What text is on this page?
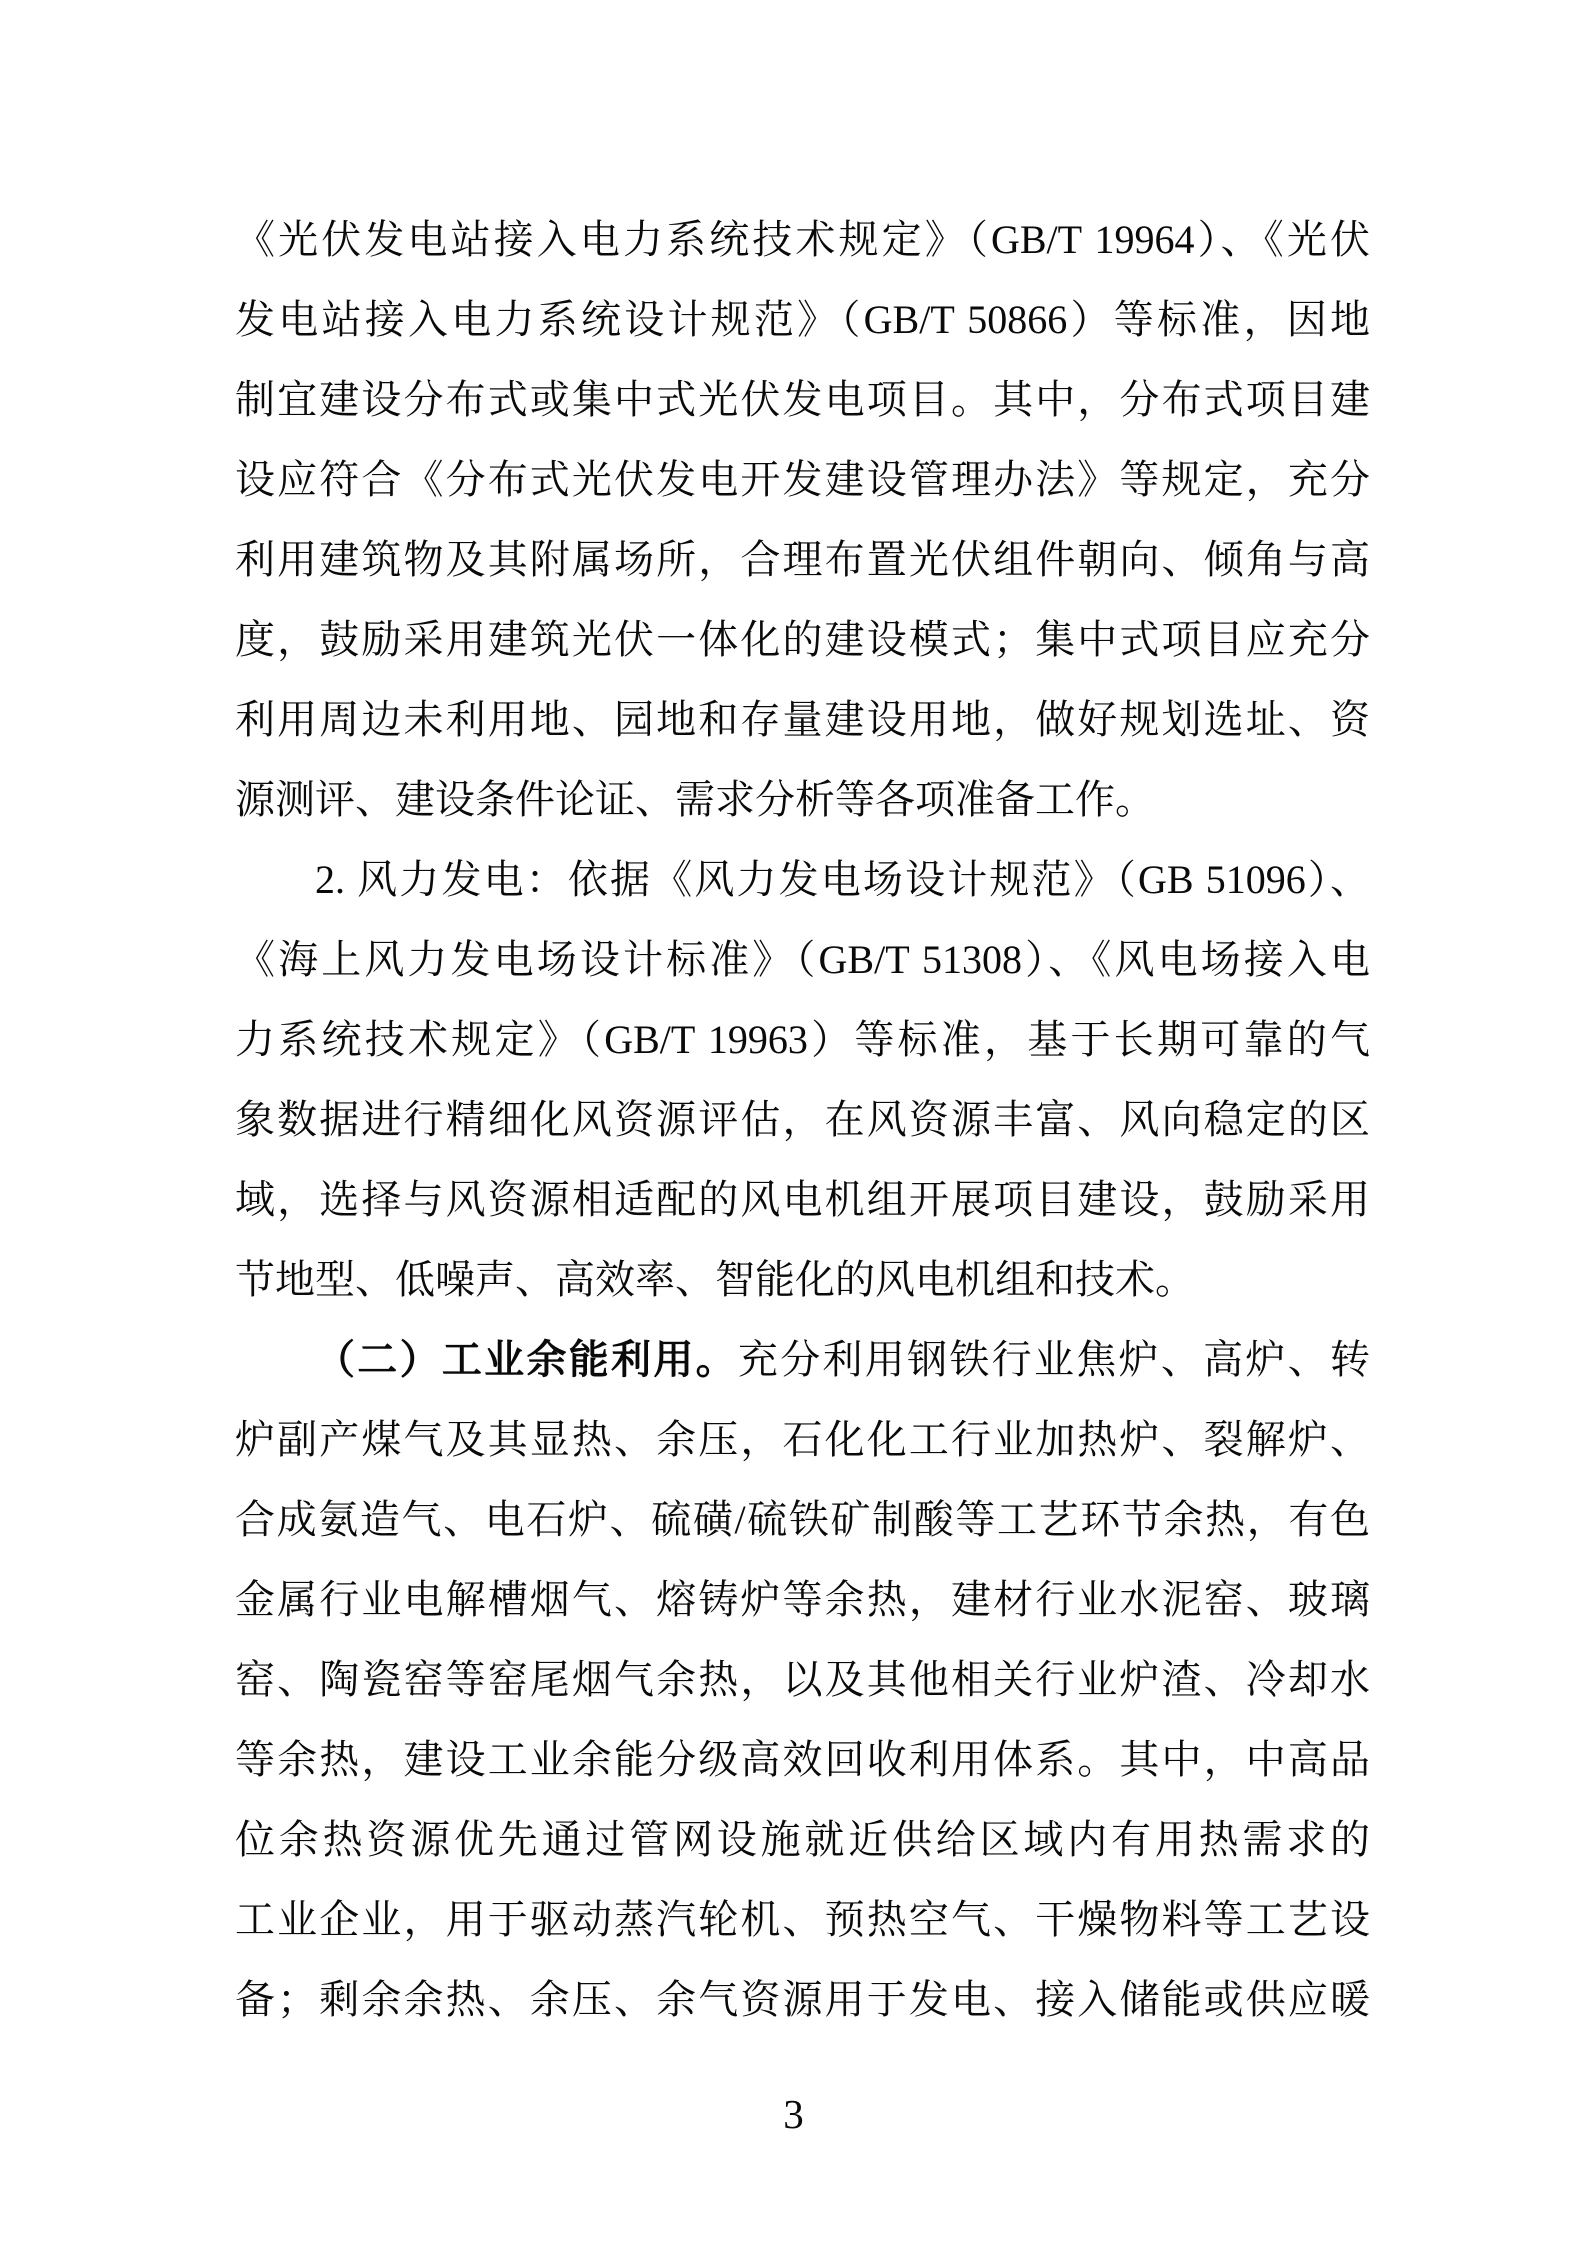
《光伏发电站接入电力系统技术规定》（GB/T 19964）、《光伏
发电站接入电力系统设计规范》（GB/T 50866）等标准，因地
制宜建设分布式或集中式光伏发电项目。其中，分布式项目建
设应符合《分布式光伏发电开发建设管理办法》等规定，充分
利用建筑物及其附属场所，合理布置光伏组件朝向、倾角与高
度，鼓励采用建筑光伏一体化的建设模式；集中式项目应充分
利用周边未利用地、园地和存量建设用地，做好规划选址、资
源测评、建设条件论证、需求分析等各项准备工作。
2. 风力发电：依据《风力发电场设计规范》（GB 51096）、
《海上风力发电场设计标准》（GB/T 51308）、《风电场接入电
力系统技术规定》（GB/T 19963）等标准，基于长期可靠的气
象数据进行精细化风资源评估，在风资源丰富、风向稳定的区
域，选择与风资源相适配的风电机组开展项目建设，鼓励采用
节地型、低噪声、高效率、智能化的风电机组和技术。
（二）工业余能利用。充分利用钢铁行业焦炉、高炉、转
炉副产煤气及其显热、余压，石化化工行业加热炉、裂解炉、
合成氨造气、电石炉、硫磺/硫铁矿制酸等工艺环节余热，有色
金属行业电解槽烟气、熔铸炉等余热，建材行业水泥窑、玻璃
窑、陶瓷窑等窑尾烟气余热，以及其他相关行业炉渣、冷却水
等余热，建设工业余能分级高效回收利用体系。其中，中高品
位余热资源优先通过管网设施就近供给区域内有用热需求的
工业企业，用于驱动蒸汽轮机、预热空气、干燥物料等工艺设
备；剩余余热、余压、余气资源用于发电、接入储能或供应暖
3
